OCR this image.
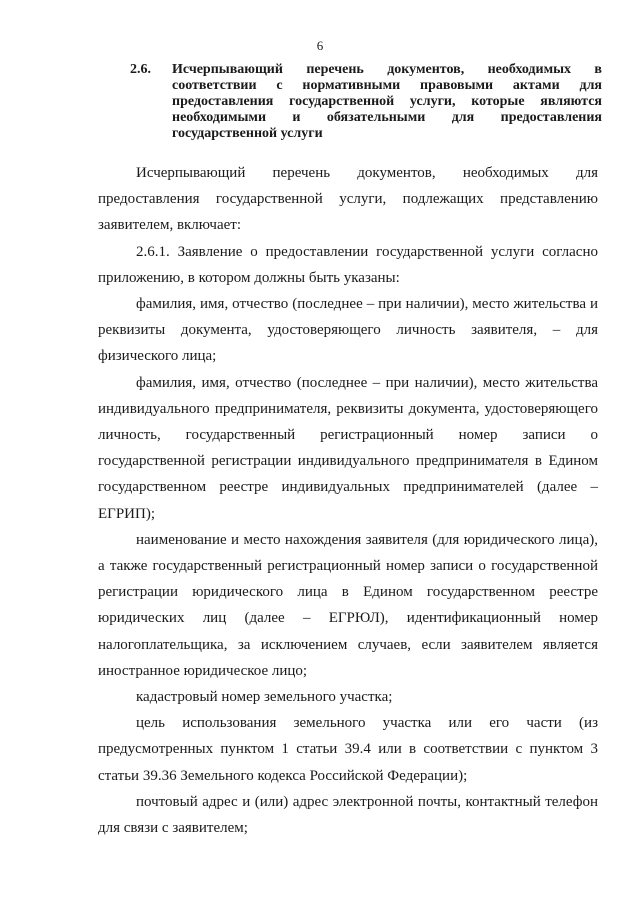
6
2.6. Исчерпывающий перечень документов, необходимых в соответствии с нормативными правовыми актами для предоставления государственной услуги, которые являются необходимыми и обязательными для предоставления государственной услуги

Исчерпывающий перечень документов, необходимых для предоставления государственной услуги, подлежащих представлению заявителем, включает:

2.6.1. Заявление о предоставлении государственной услуги согласно приложению, в котором должны быть указаны:

фамилия, имя, отчество (последнее – при наличии), место жительства и реквизиты документа, удостоверяющего личность заявителя, – для физического лица;

фамилия, имя, отчество (последнее – при наличии), место жительства индивидуального предпринимателя, реквизиты документа, удостоверяющего личность, государственный регистрационный номер записи о государственной регистрации индивидуального предпринимателя в Едином государственном реестре индивидуальных предпринимателей (далее – ЕГРИП);

наименование и место нахождения заявителя (для юридического лица), а также государственный регистрационный номер записи о государственной регистрации юридического лица в Едином государственном реестре юридических лиц (далее – ЕГРЮЛ), идентификационный номер налогоплательщика, за исключением случаев, если заявителем является иностранное юридическое лицо;

кадастровый номер земельного участка;

цель использования земельного участка или его части (из предусмотренных пунктом 1 статьи 39.4 или в соответствии с пунктом 3 статьи 39.36 Земельного кодекса Российской Федерации);

почтовый адрес и (или) адрес электронной почты, контактный телефон для связи с заявителем;
